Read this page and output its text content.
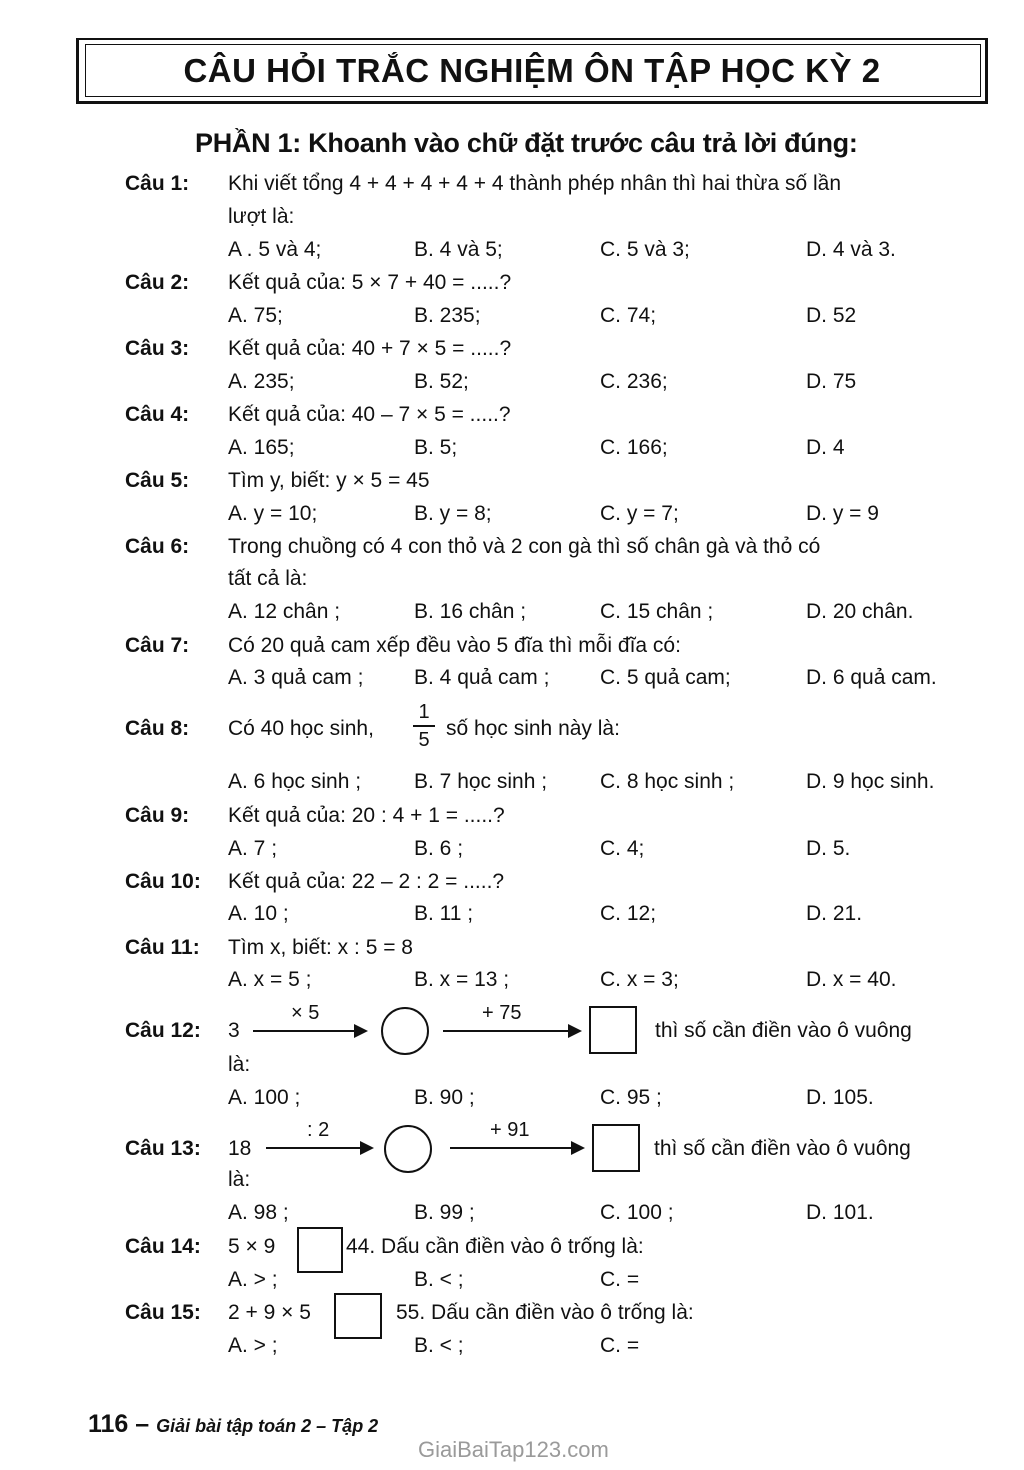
CÂU HỎI TRẮC NGHIỆM ÔN TẬP HỌC KỲ 2
PHẦN 1: Khoanh vào chữ đặt trước câu trả lời đúng:
Câu 1:	Khi viết tổng 4 + 4 + 4 + 4 + 4 thành phép nhân thì hai thừa số lần
lượt là:
A . 5 và 4;	B. 4 và 5;	C. 5 và 3;	D. 4 và 3.
Câu 2:	Kết quả của: 5 × 7 + 40 = .....?
A. 75;	B. 235;	C. 74;	D. 52
Câu 3:	Kết quả của: 40 + 7 × 5 = .....?
A. 235;	B. 52;	C. 236;	D. 75
Câu 4:	Kết quả của: 40 – 7 × 5 = .....?
A. 165;	B. 5;	C. 166;	D. 4
Câu 5:	Tìm y, biết: y × 5 = 45
A. y = 10;	B. y = 8;	C. y = 7;	D. y = 9
Câu 6:	Trong chuồng có 4 con thỏ và 2 con gà thì số chân gà và thỏ có
tất cả là:
A. 12 chân ;	B. 16 chân ;	C. 15 chân ;	D. 20 chân.
Câu 7:	Có 20 quả cam xếp đều vào 5 đĩa thì mỗi đĩa có:
A. 3 quả cam ; B. 4 quả cam ; C. 5 quả cam;	D. 6 quả cam.
Câu 8:	Có 40 học sinh,
1
5 số học sinh này là:
A. 6 học sinh ;	B. 7 học sinh ;	C. 8 học sinh ;	D. 9 học sinh.
Câu 9:	Kết quả của: 20 : 4 + 1 = .....?
A. 7 ;	B. 6 ;	C. 4;	D. 5.
Câu 10:	Kết quả của: 22 – 2 : 2 = .....?
A. 10 ;	B. 11 ;	C. 12;	D. 21.
Câu 11:	Tìm x, biết: x : 5 = 8
A. x = 5 ;	B. x = 13 ;	C. x = 3;	D. x = 40.
Câu 12:	3
× 5	+ 75
thì số cần điền vào ô vuông
là:
A. 100 ;	B. 90 ;	C. 95 ;	D. 105.
Câu 13:	18
: 2	+ 91
thì số cần điền vào ô vuông
là:
A. 98 ;	B. 99 ;	C. 100 ;	D. 101.
Câu 14:	5 × 9	44. Dấu cần điền vào ô trống là:
A. > ;	B. < ;	C. =
Câu 15:	2 + 9 × 5	55. Dấu cần điền vào ô trống là:
A. > ;	B. < ;	C. =
116 – Giải bài tập toán 2 – Tập 2
GiaiBaiTap123.com
